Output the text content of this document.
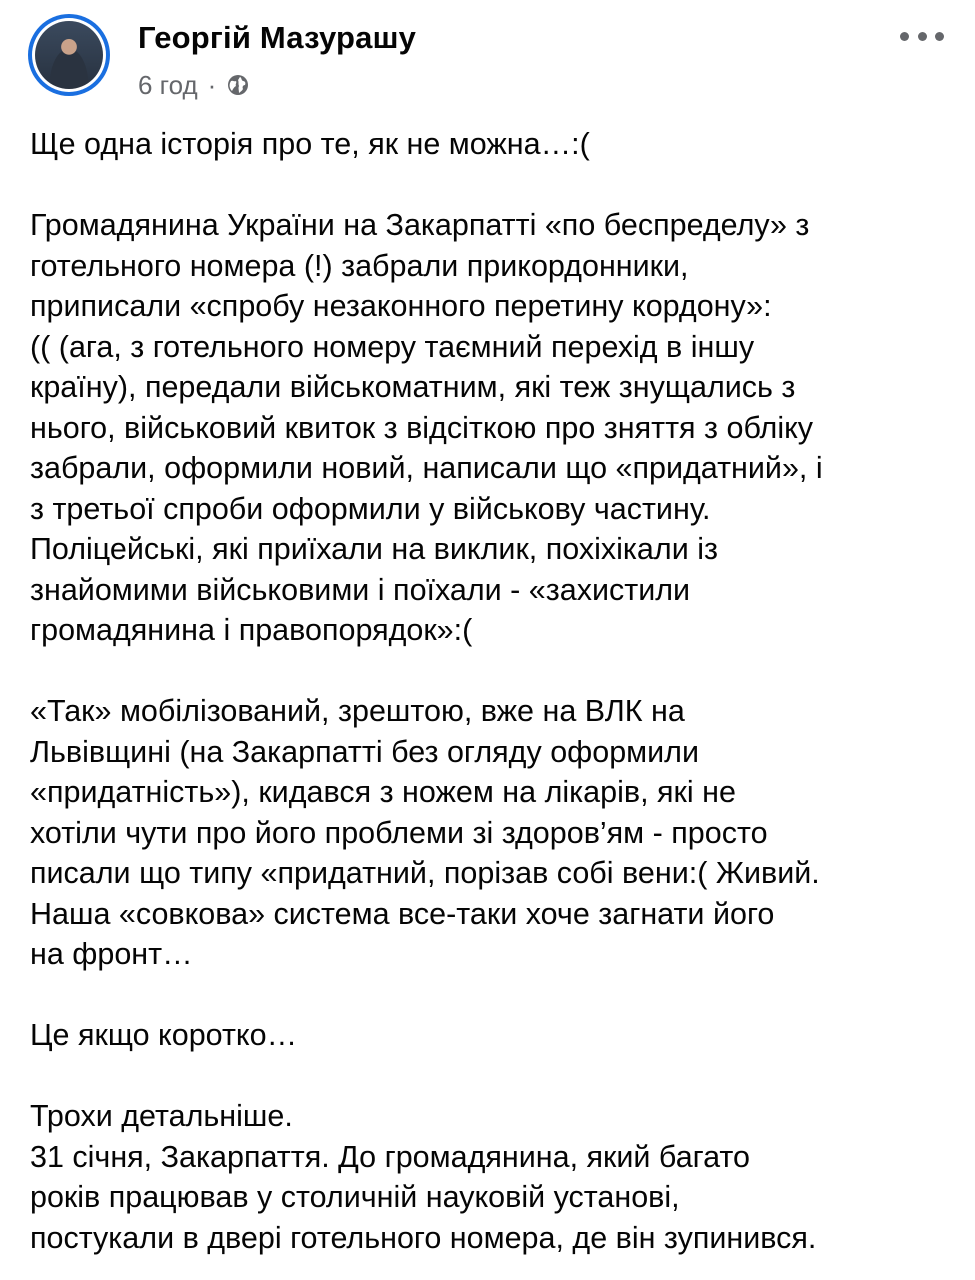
Георгій Мазурашу
6 год ·
Ще одна історія про те, як не можна…:(
Громадянина України на Закарпатті «по беспределу» з
готельного номера (!) забрали прикордонники,
приписали «спробу незаконного перетину кордону»:
(( (ага, з готельного номеру таємний перехід в іншу
країну), передали військоматним, які теж знущались з
нього, військовий квиток з відсіткою про зняття з обліку
забрали, оформили новий, написали що «придатний», і
з третьої спроби оформили у військову частину.
Поліцейські, які приїхали на виклик, похіхікали із
знайомими військовими і поїхали - «захистили
громадянина і правопорядок»:(
«Так» мобілізований, зрештою, вже на ВЛК на
Львівщині (на Закарпатті без огляду оформили
«придатність»), кидався з ножем на лікарів, які не
хотіли чути про його проблеми зі здоров’ям - просто
писали що типу «придатний, порізав собі вени:( Живий.
Наша «совкова» система все-таки хоче загнати його
на фронт…
Це якщо коротко…
Трохи детальніше.
31 січня, Закарпаття. До громадянина, який багато
років працював у столичній науковій установі,
постукали в двері готельного номера, де він зупинився.
